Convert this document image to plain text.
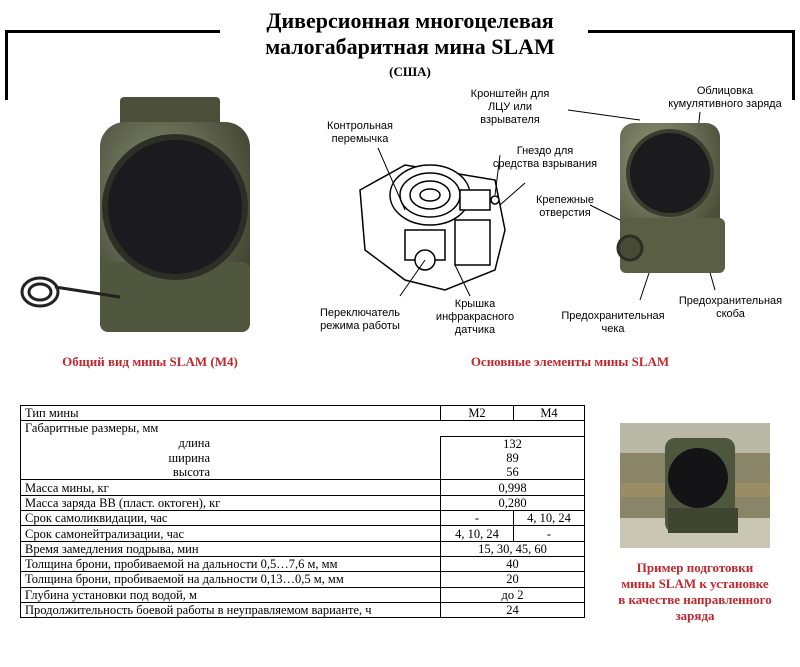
Диверсионная многоцелевая
малогабаритная мина SLAM
(США)
Общий вид мины SLAM (M4)
Контрольная
перемычка
Кронштейн для
ЛЦУ или
взрывателя
Гнездо для
средства взрывания
Переключатель
режима работы
Крышка
инфракрасного
датчика
Облицовка
кумулятивного заряда
Крепежные
отверстия
Предохранительная
чека
Предохранительная
скоба
Основные элементы мины SLAM
Тип мины	M2	M4
Габаритные размеры, мм		
длина	132	
ширина	89	
высота	56	
Масса мины, кг	0,998	
Масса заряда ВВ (пласт. октоген), кг	0,280	
Срок самоликвидации, час	-	4, 10, 24
Срок самонейтрализации, час	4, 10, 24	-
Время замедления подрыва, мин	15, 30, 45, 60	
Толщина брони, пробиваемой на дальности 0,5…7,6 м, мм	40	
Толщина брони, пробиваемой на дальности 0,13…0,5 м, мм	20	
Глубина установки под водой, м	до 2	
Продолжительность боевой работы в неуправляемом варианте, ч	24	
Пример подготовки
мины SLAM к установке
в качестве направленного
заряда
